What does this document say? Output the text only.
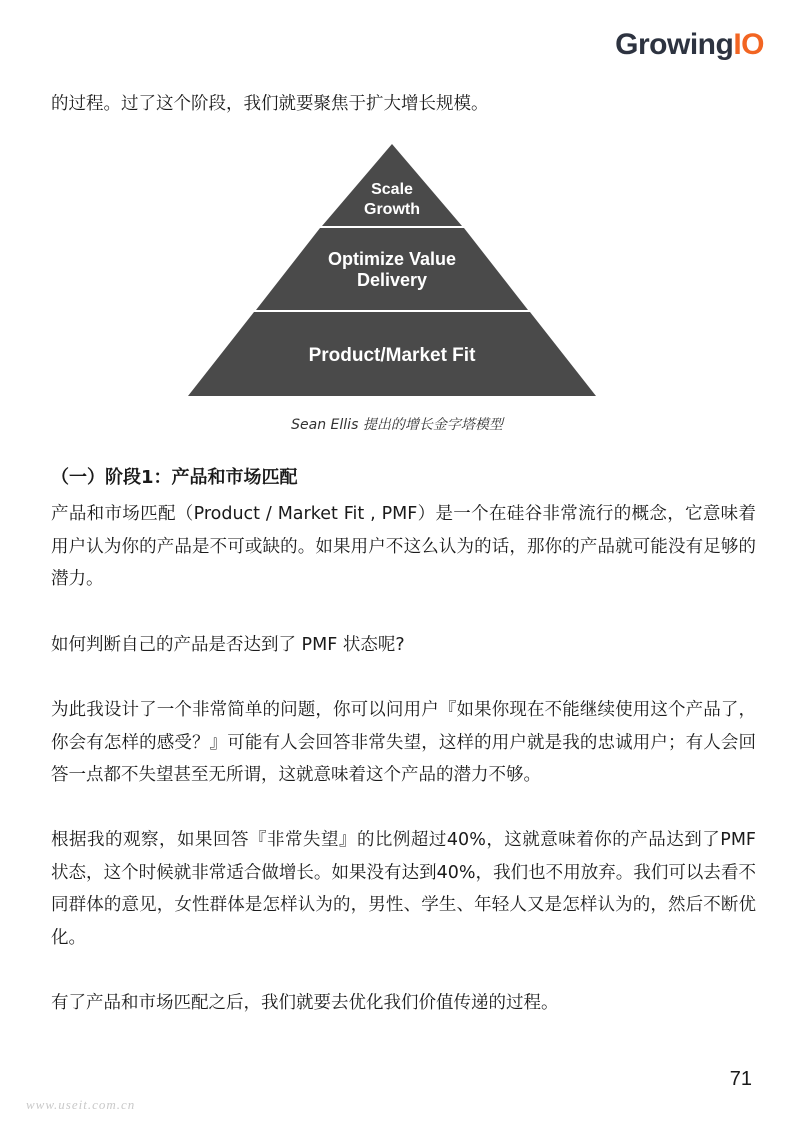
GrowingIO

的过程。过了这个阶段，我们就要聚焦于扩大增长规模。

Scale
Growth
Optimize Value
Delivery
Product/Market Fit
Sean Ellis 提出的增长金字塔模型
（一）阶段1：产品和市场匹配

产品和市场匹配（Product / Market Fit , PMF）是一个在硅谷非常流行的概念，它意味着用户认为你的产品是不可或缺的。如果用户不这么认为的话，那你的产品就可能没有足够的潜力。

如何判断自己的产品是否达到了 PMF 状态呢?

为此我设计了一个非常简单的问题，你可以问用户『如果你现在不能继续使用这个产品了，你会有怎样的感受？』可能有人会回答非常失望，这样的用户就是我的忠诚用户；有人会回答一点都不失望甚至无所谓，这就意味着这个产品的潜力不够。

根据我的观察，如果回答『非常失望』的比例超过40%，这就意味着你的产品达到了PMF 状态，这个时候就非常适合做增长。如果没有达到40%，我们也不用放弃。我们可以去看不同群体的意见，女性群体是怎样认为的，男性、学生、年轻人又是怎样认为的，然后不断优化。

有了产品和市场匹配之后，我们就要去优化我们价值传递的过程。

71
www.useit.com.cn
